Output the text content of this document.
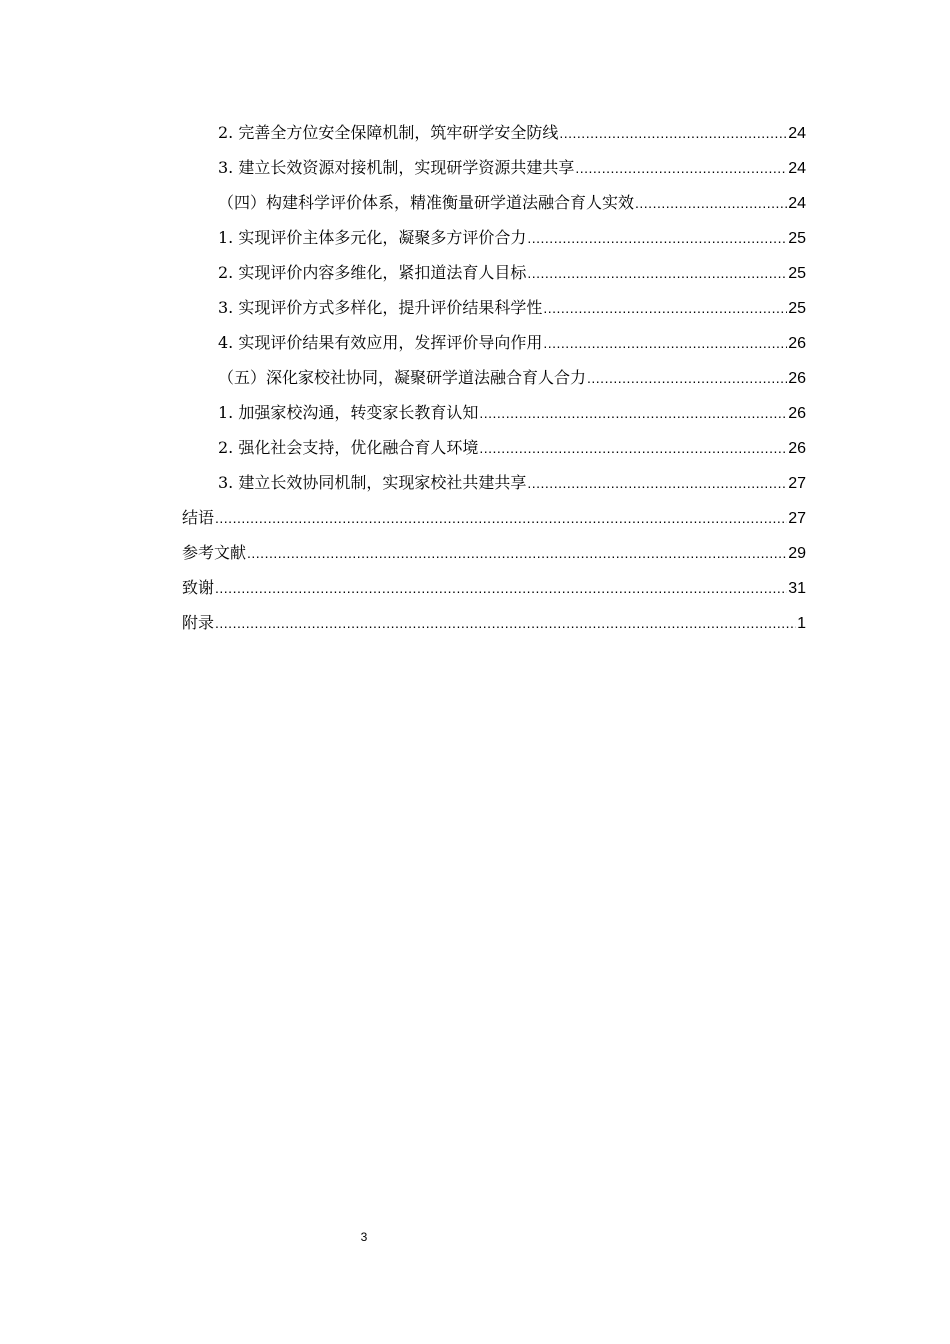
2. 完善全方位安全保障机制，筑牢研学安全防线 .....	24
3. 建立长效资源对接机制，实现研学资源共建共享 .....	24
（四）构建科学评价体系，精准衡量研学道法融合育人实效 .....	24
1. 实现评价主体多元化，凝聚多方评价合力 .....	25
2. 实现评价内容多维化，紧扣道法育人目标 .....	25
3. 实现评价方式多样化，提升评价结果科学性 .....	25
4. 实现评价结果有效应用，发挥评价导向作用 .....	26
（五）深化家校社协同，凝聚研学道法融合育人合力 .....	26
1. 加强家校沟通，转变家长教育认知 .....	26
2. 强化社会支持，优化融合育人环境 .....	26
3. 建立长效协同机制，实现家校社共建共享 .....	27
结语 .....	27
参考文献 .....	29
致谢 .....	31
附录 .....	1
3
